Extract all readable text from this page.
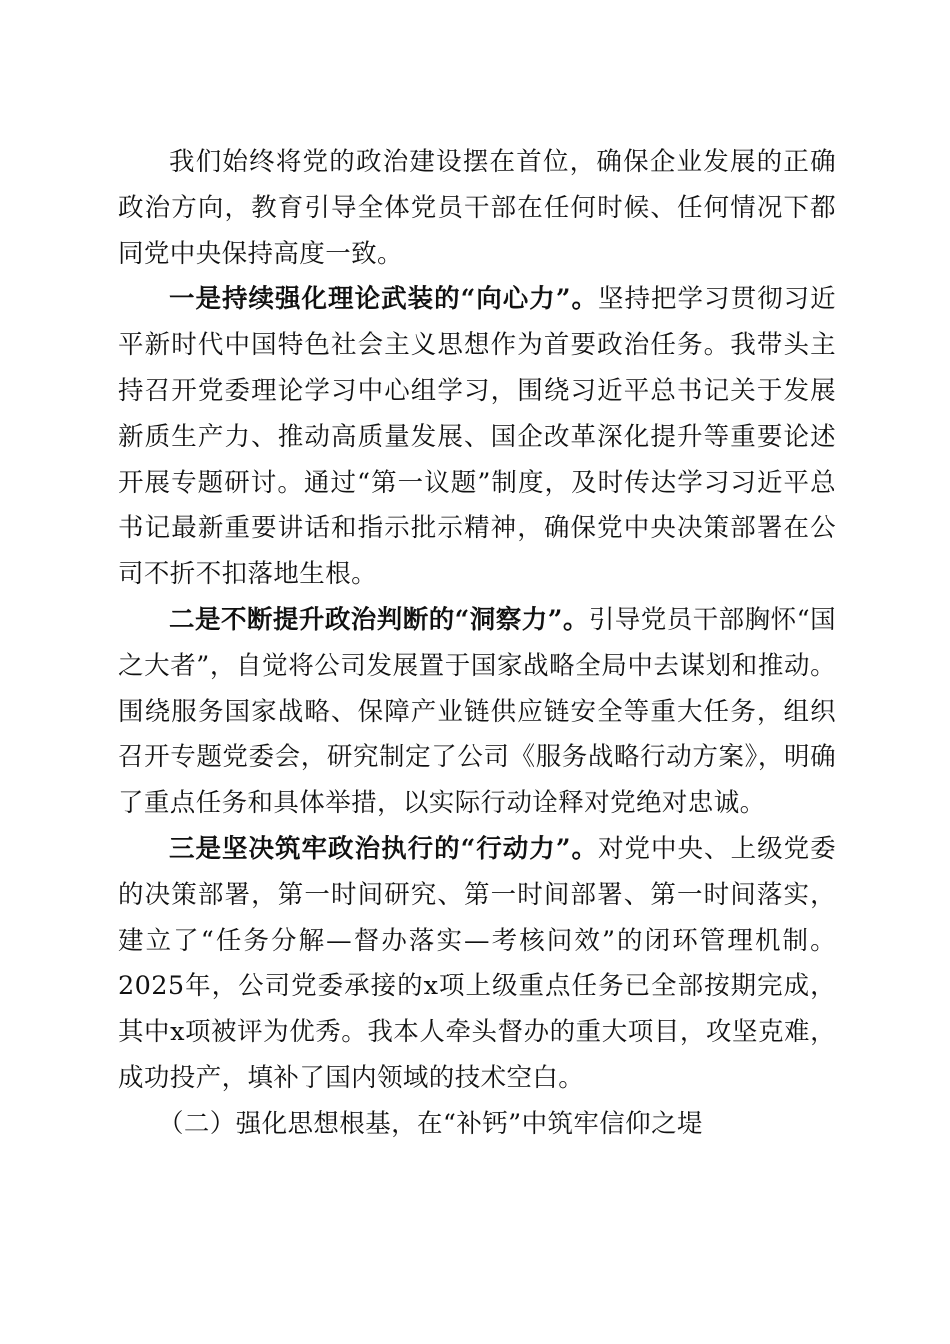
我们始终将党的政治建设摆在首位，确保企业发展的正确政治方向，教育引导全体党员干部在任何时候、任何情况下都同党中央保持高度一致。

一是持续强化理论武装的“向心力”。坚持把学习贯彻习近平新时代中国特色社会主义思想作为首要政治任务。我带头主持召开党委理论学习中心组学习，围绕习近平总书记关于发展新质生产力、推动高质量发展、国企改革深化提升等重要论述开展专题研讨。通过“第一议题”制度，及时传达学习习近平总书记最新重要讲话和指示批示精神，确保党中央决策部署在公司不折不扣落地生根。

二是不断提升政治判断的“洞察力”。引导党员干部胸怀“国之大者”，自觉将公司发展置于国家战略全局中去谋划和推动。围绕服务国家战略、保障产业链供应链安全等重大任务，组织召开专题党委会，研究制定了公司《服务战略行动方案》，明确了重点任务和具体举措，以实际行动诠释对党绝对忠诚。

三是坚决筑牢政治执行的“行动力”。对党中央、上级党委的决策部署，第一时间研究、第一时间部署、第一时间落实，建立了“任务分解—督办落实—考核问效”的闭环管理机制。2025年，公司党委承接的x项上级重点任务已全部按期完成，其中x项被评为优秀。我本人牵头督办的重大项目，攻坚克难，成功投产，填补了国内领域的技术空白。

（二）强化思想根基，在“补钙”中筑牢信仰之堤
